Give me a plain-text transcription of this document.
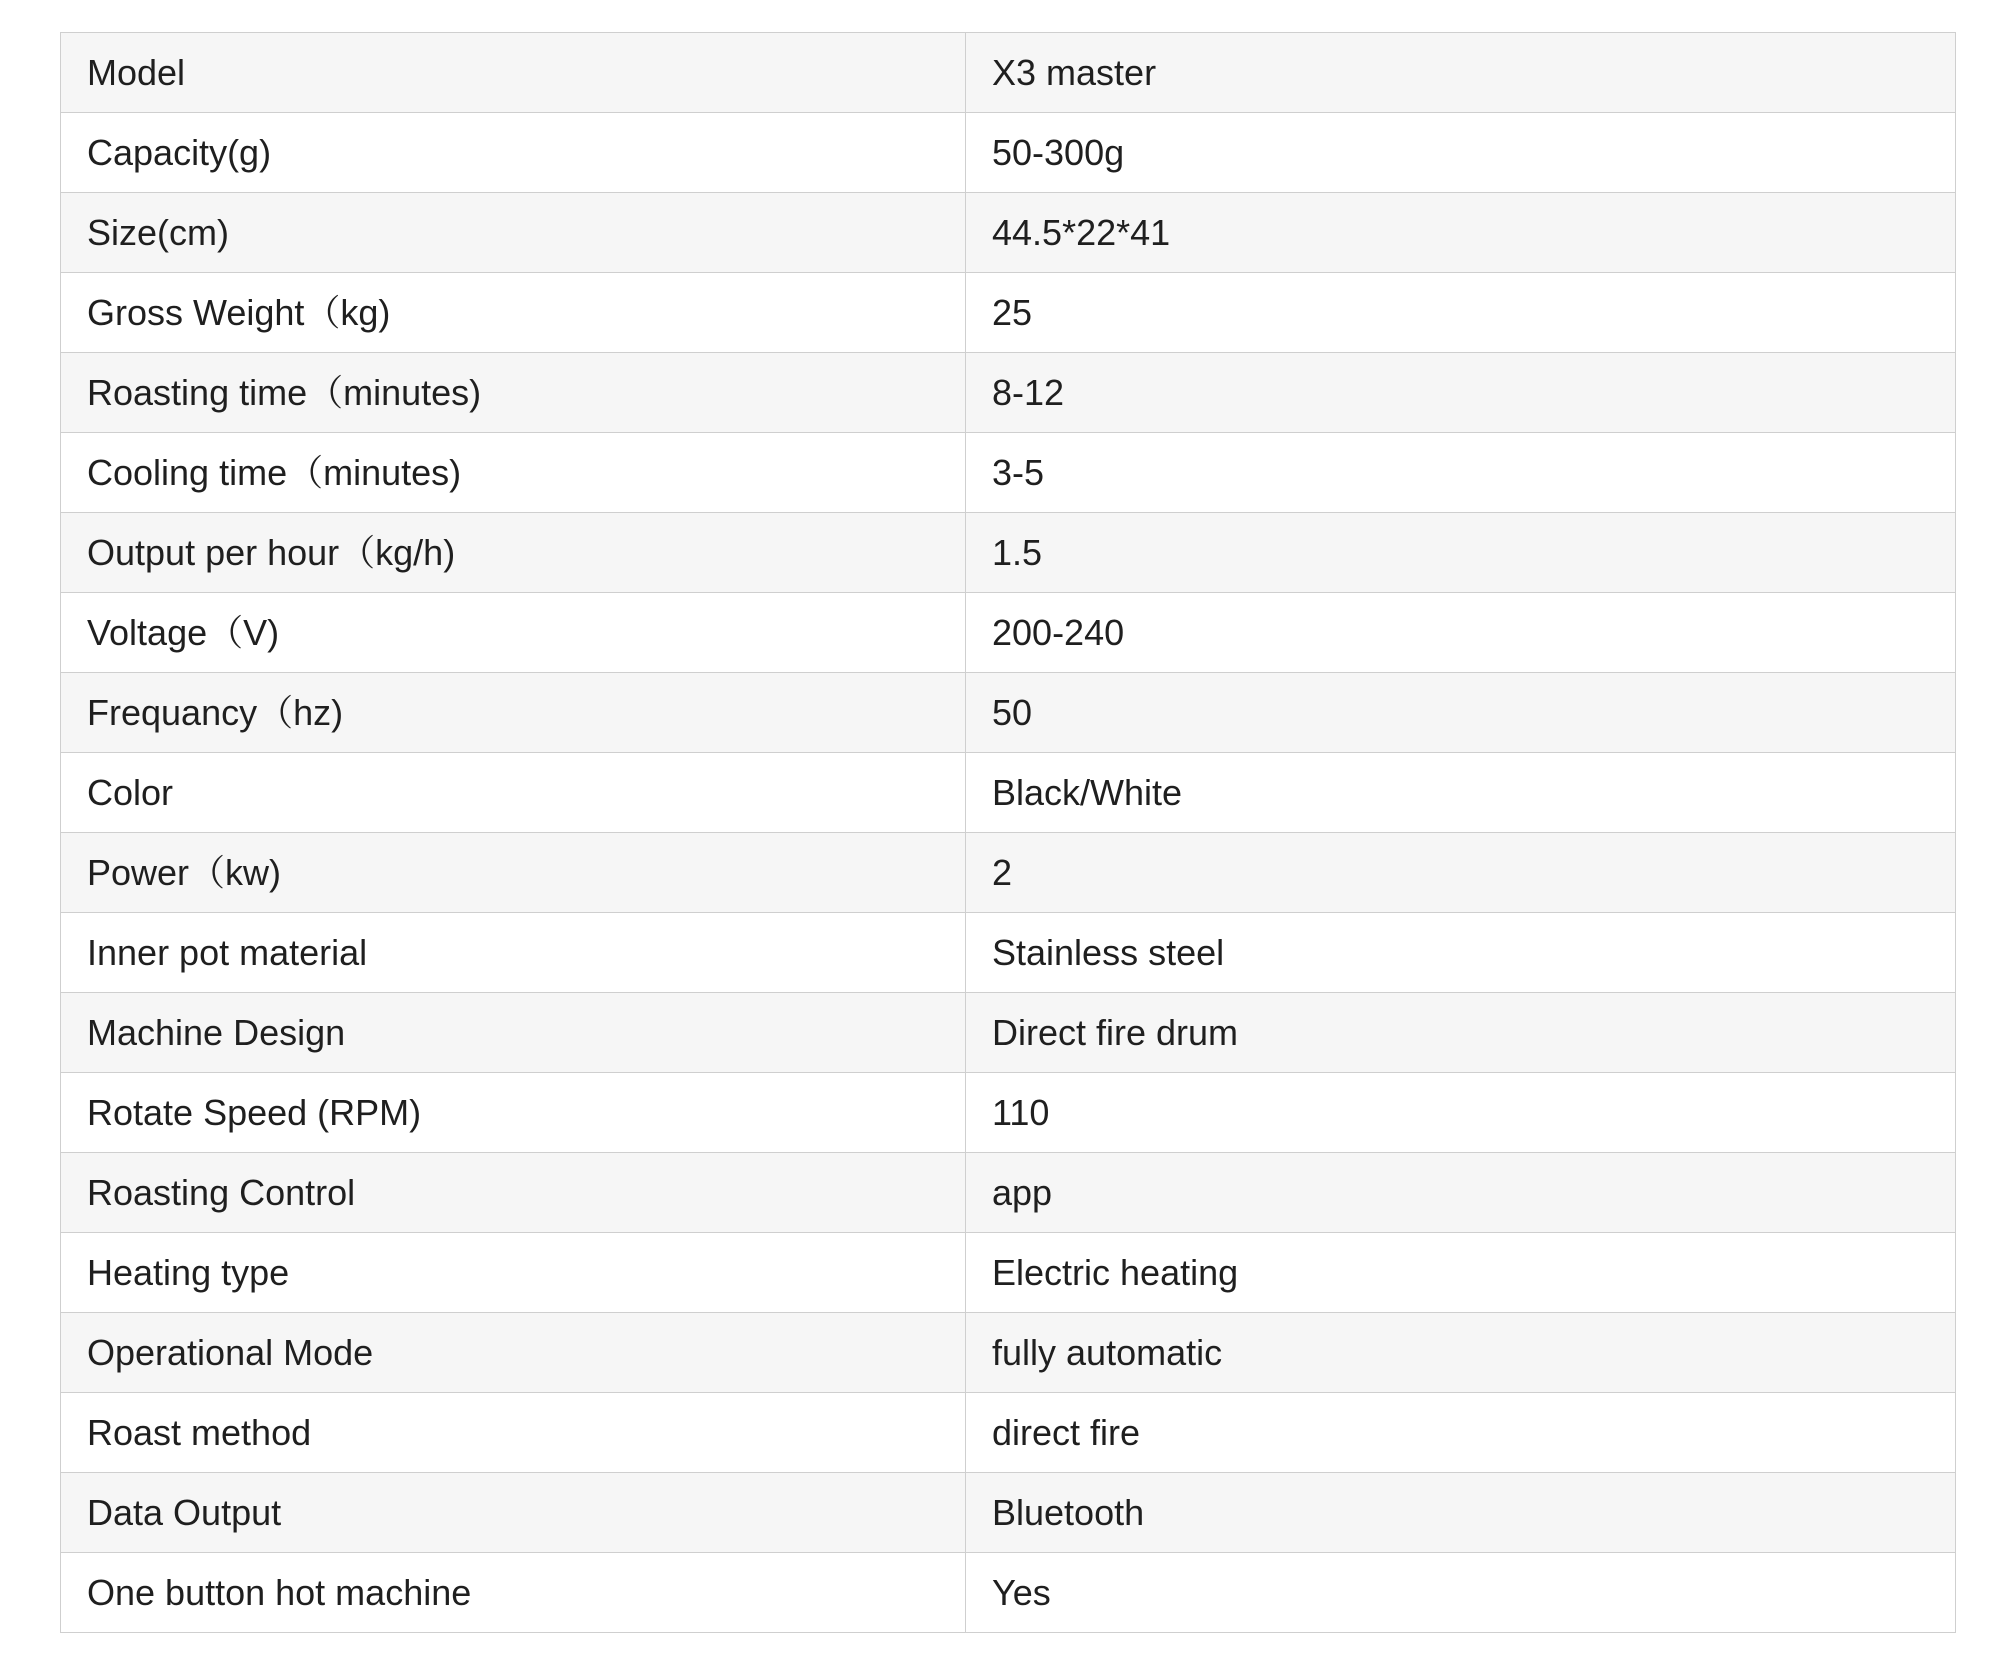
Model	X3 master
Capacity(g)	50-300g
Size(cm)	44.5*22*41
Gross Weight（kg)	25
Roasting time（minutes)	8-12
Cooling time（minutes)	3-5
Output per hour（kg/h)	1.5
Voltage（V)	200-240
Frequancy（hz)	50
Color	Black/White
Power（kw)	2
Inner pot material	Stainless steel
Machine Design	Direct fire drum
Rotate Speed (RPM)	110
Roasting Control	app
Heating type	Electric heating
Operational Mode	fully automatic
Roast method	direct fire
Data Output	Bluetooth
One button hot machine	Yes
